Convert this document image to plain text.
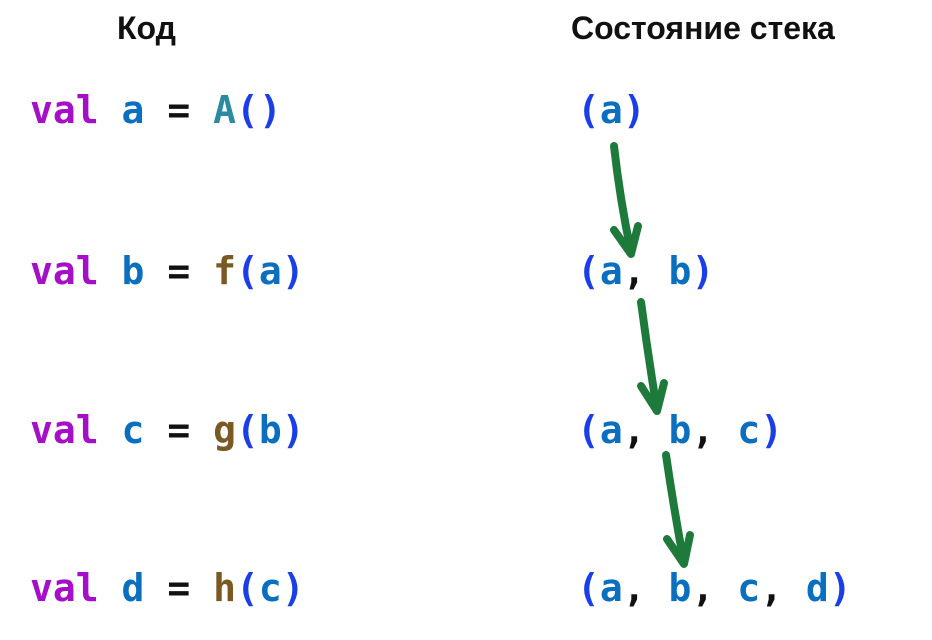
Код	Состояние стека
val a = A()
val b = f(a)
val c = g(b)
val d = h(c)
(a)
(a, b)
(a, b, c)
(a, b, c, d)
